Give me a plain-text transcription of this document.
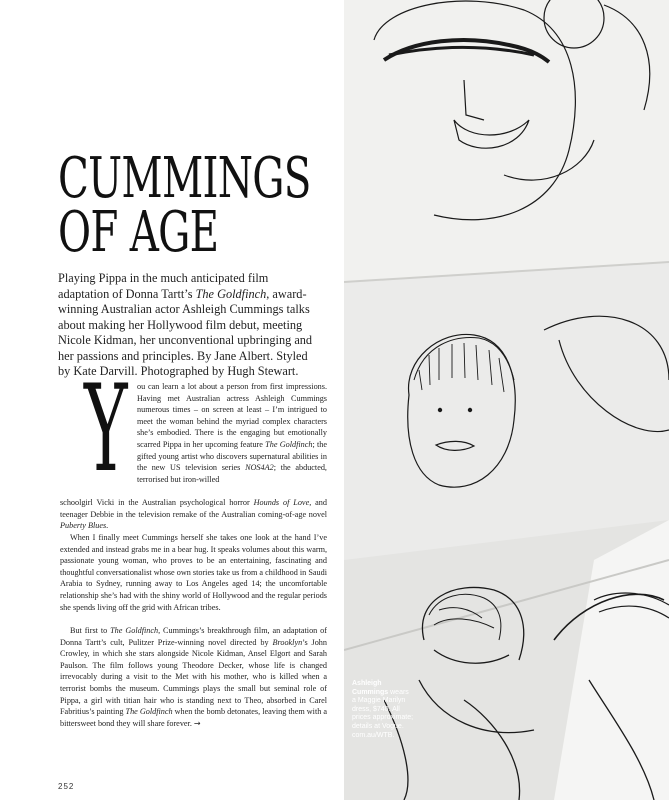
CUMMINGS
OF AGE
Playing Pippa in the much anticipated film adaptation of Donna Tartt’s The Goldfinch, award-winning Australian actor Ashleigh Cummings talks about making her Hollywood film debut, meeting Nicole Kidman, her unconventional upbringing and her passions and principles. By Jane Albert. Styled by Kate Darvill. Photographed by Hugh Stewart.
Y ou can learn a lot about a person from first impressions. Having met Australian actress Ashleigh Cummings numerous times – on screen at least – I’m intrigued to meet the woman behind the myriad complex characters she’s embodied. There is the engaging but emotionally scarred Pippa in her upcoming feature The Goldfinch; the gifted young artist who discovers supernatural abilities in the new US television series NOS4A2; the abducted, terrorised but iron-willed
schoolgirl Vicki in the Australian psychological horror Hounds of Love, and teenager Debbie in the television remake of the Australian coming-of-age novel Puberty Blues.
When I finally meet Cummings herself she takes one look at the hand I’ve extended and instead grabs me in a bear hug. It speaks volumes about this warm, passionate young woman, who proves to be an entertaining, fascinating and thoughtful conversationalist whose own stories take us from a childhood in Saudi Arabia to Sydney, running away to Los Angeles aged 14; the uncomfortable relationship she’s had with the shiny world of Hollywood and the regular periods she spends living off the grid with African tribes.
But first to The Goldfinch, Cummings’s breakthrough film, an adaptation of Donna Tartt’s cult, Pulitzer Prize-winning novel directed by Brooklyn’s John Crowley, in which she stars alongside Nicole Kidman, Ansel Elgort and Sarah Paulson. The film follows young Theodore Decker, whose life is changed irrevocably during a visit to the Met with his mother, who is killed when a terrorist bombs the museum. Cummings plays the small but seminal role of Pippa, a girl with titian hair who is standing next to Theo, absorbed in Carel Fabritius’s painting The Goldfinch when the bomb detonates, leaving them with a bittersweet bond they will share forever. →
252
Ashleigh Cummings wears a Maggie Marilyn dress, $740. All prices approximate; details at Vogue. com.au/WTB.
